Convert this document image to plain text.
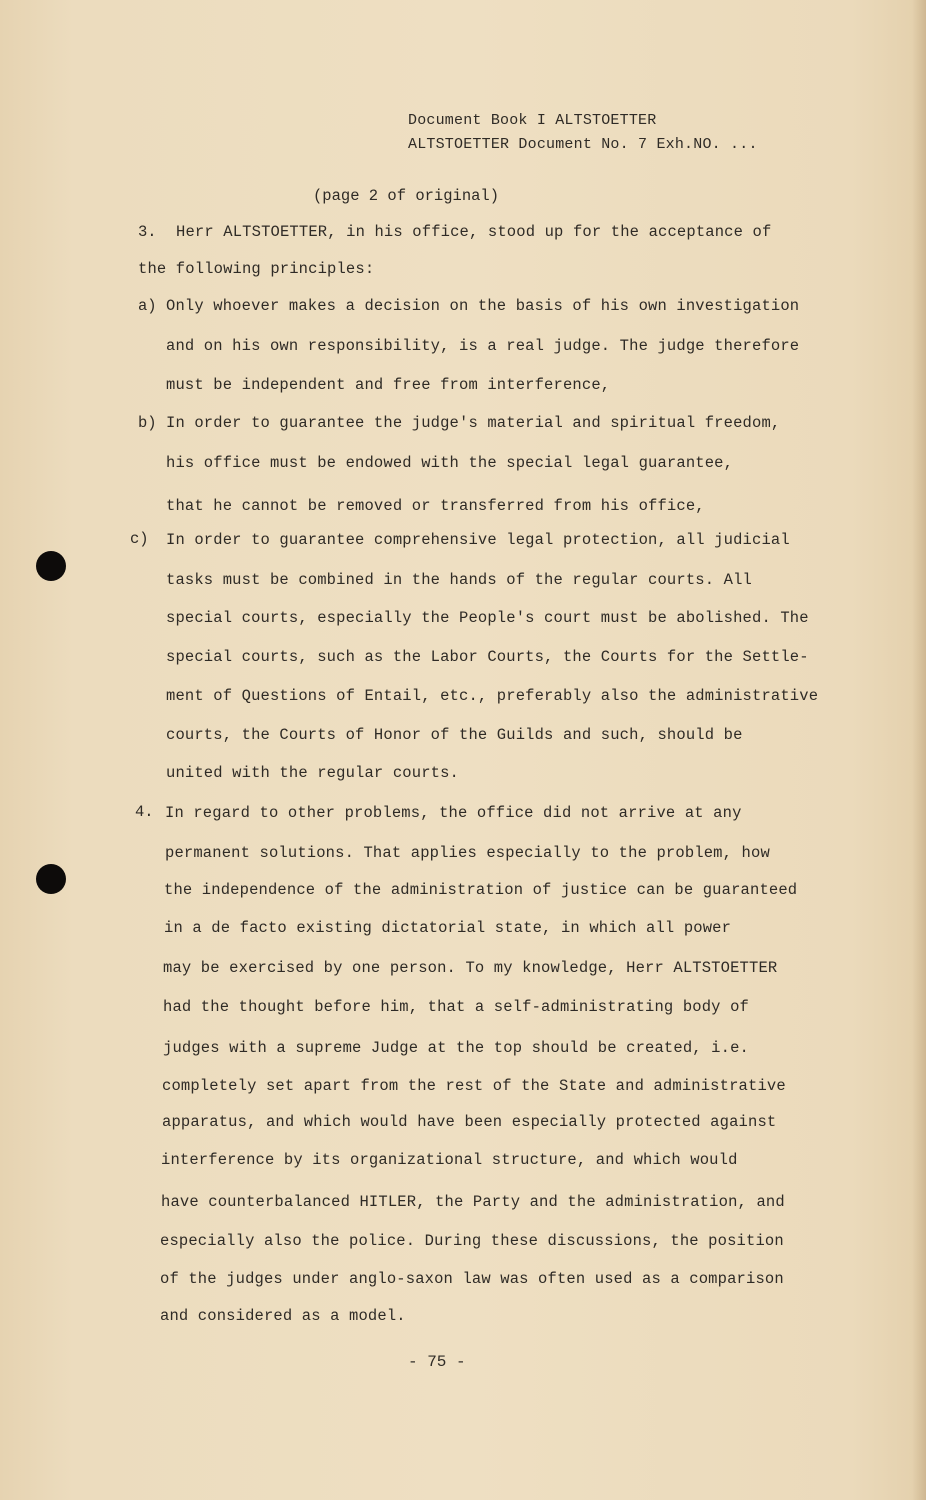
Document Book I ALTSTOETTER
ALTSTOETTER Document No. 7 Exh.NO. ...
(page 2 of original)
3. Herr ALTSTOETTER, in his office, stood up for the acceptance of
the following principles:
a) Only whoever makes a decision on the basis of his own investigation
and on his own responsibility, is a real judge. The judge therefore
must be independent and free from interference,
b) In order to guarantee the judge's material and spiritual freedom,
his office must be endowed with the special legal guarantee,
that he cannot be removed or transferred from his office,
c) In order to guarantee comprehensive legal protection, all judicial
tasks must be combined in the hands of the regular courts. All
special courts, especially the People's court must be abolished. The
special courts, such as the Labor Courts, the Courts for the Settle-
ment of Questions of Entail, etc., preferably also the administrative
courts, the Courts of Honor of the Guilds and such, should be
united with the regular courts.
4. In regard to other problems, the office did not arrive at any
permanent solutions. That applies especially to the problem, how
the independence of the administration of justice can be guaranteed
in a de facto existing dictatorial state, in which all power
may be exercised by one person. To my knowledge, Herr ALTSTOETTER
had the thought before him, that a self-administrating body of
judges with a supreme Judge at the top should be created, i.e.
completely set apart from the rest of the State and administrative
apparatus, and which would have been especially protected against
interference by its organizational structure, and which would
have counterbalanced HITLER, the Party and the administration, and
especially also the police. During these discussions, the position
of the judges under anglo-saxon law was often used as a comparison
and considered as a model.
- 75 -
